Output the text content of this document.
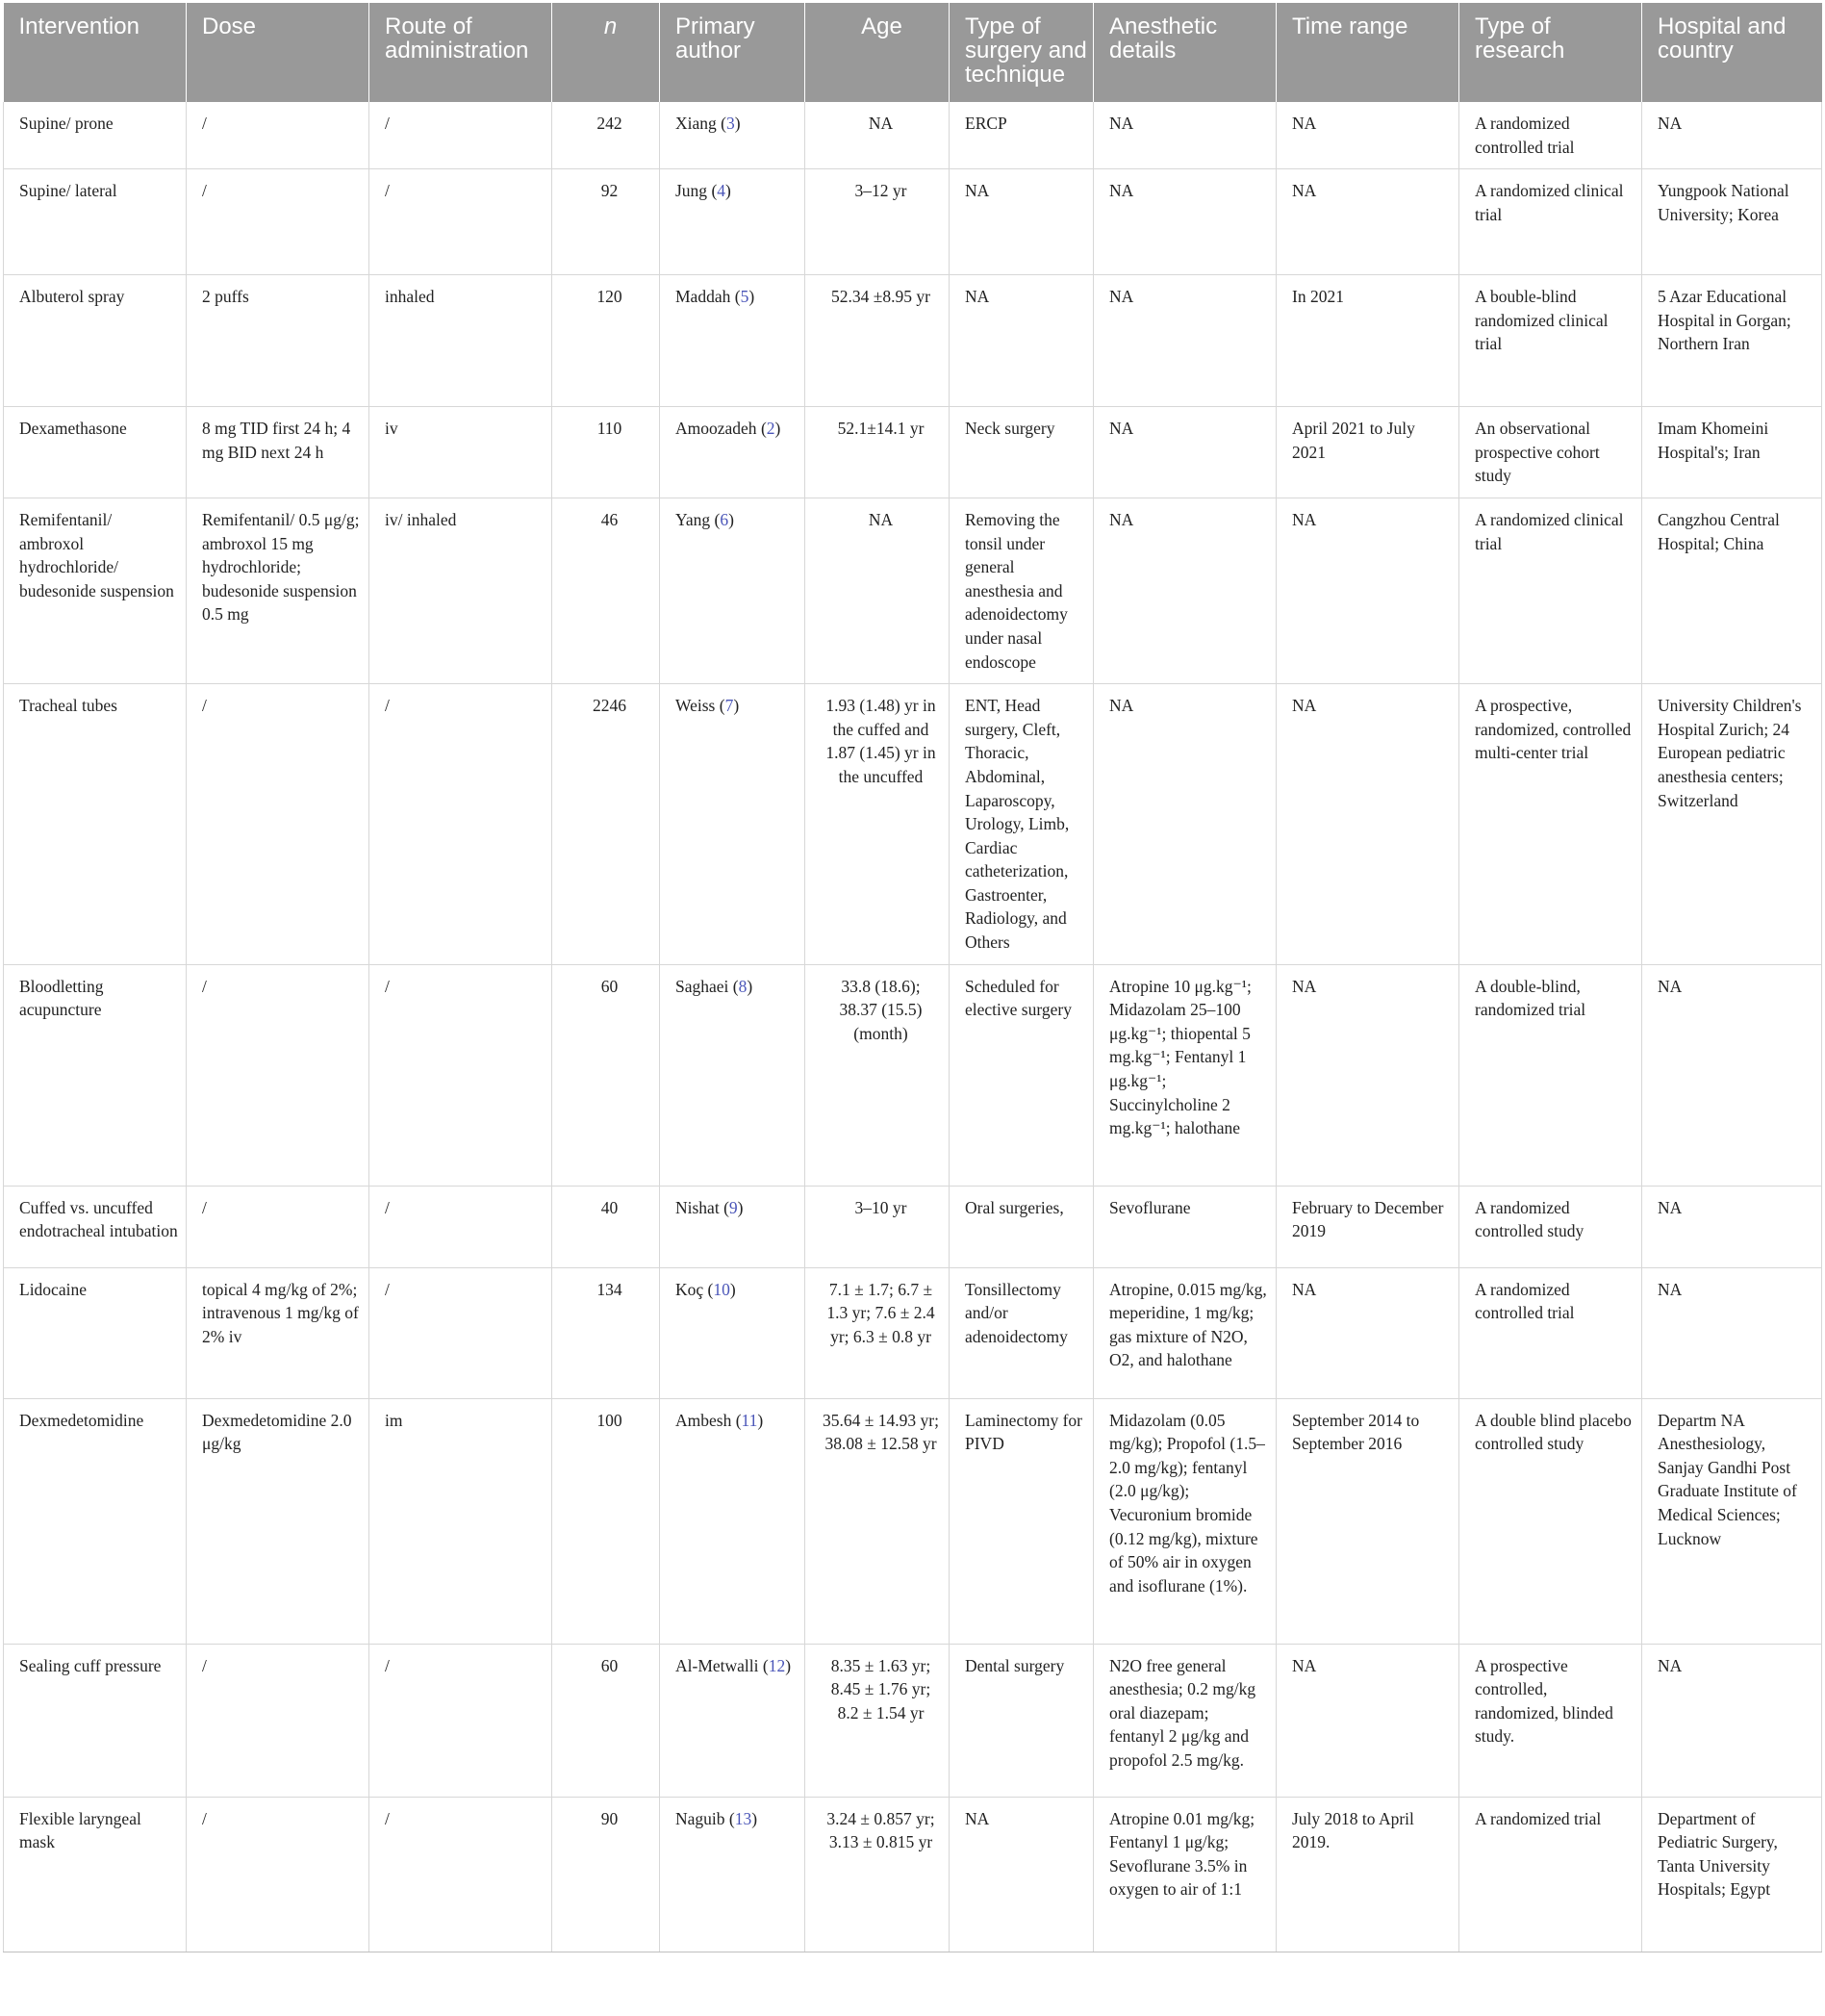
Intervention	Dose	Route of administration	n	Primary author	Age	Type of surgery and technique	Anesthetic details	Time range	Type of research	Hospital and country
Supine/ prone	/	/	242	Xiang (3)	NA	ERCP	NA	NA	A randomized controlled trial	NA
Supine/ lateral	/	/	92	Jung (4)	3–12 yr	NA	NA	NA	A randomized clinical trial	Yungpook National University; Korea
Albuterol spray	2 puffs	inhaled	120	Maddah (5)	52.34 ±8.95 yr	NA	NA	In 2021	A bouble-blind randomized clinical trial	5 Azar Educational Hospital in Gorgan; Northern Iran
Dexamethasone	8 mg TID first 24 h; 4 mg BID next 24 h	iv	110	Amoozadeh (2)	52.1±14.1 yr	Neck surgery	NA	April 2021 to July 2021	An observational prospective cohort study	Imam Khomeini Hospital's; Iran
Remifentanil/ ambroxol hydrochloride/ budesonide suspension	Remifentanil/ 0.5 μg/g; ambroxol 15 mg hydrochloride; budesonide suspension 0.5 mg	iv/ inhaled	46	Yang (6)	NA	Removing the tonsil under general anesthesia and adenoidectomy under nasal endoscope	NA	NA	A randomized clinical trial	Cangzhou Central Hospital; China
Tracheal tubes	/	/	2246	Weiss (7)	1.93 (1.48) yr in the cuffed and 1.87 (1.45) yr in the uncuffed	ENT, Head surgery, Cleft, Thoracic, Abdominal, Laparoscopy, Urology, Limb, Cardiac catheterization, Gastroenter, Radiology, and Others	NA	NA	A prospective, randomized, controlled multi-center trial	University Children's Hospital Zurich; 24 European pediatric anesthesia centers; Switzerland
Bloodletting acupuncture	/	/	60	Saghaei (8)	33.8 (18.6); 38.37 (15.5) (month)	Scheduled for elective surgery	Atropine 10 μg.kg⁻¹; Midazolam 25–100 μg.kg⁻¹; thiopental 5 mg.kg⁻¹; Fentanyl 1 μg.kg⁻¹; Succinylcholine 2 mg.kg⁻¹; halothane	NA	A double-blind, randomized trial	NA
Cuffed vs. uncuffed endotracheal intubation	/	/	40	Nishat (9)	3–10 yr	Oral surgeries,	Sevoflurane	February to December 2019	A randomized controlled study	NA
Lidocaine	topical 4 mg/kg of 2%; intravenous 1 mg/kg of 2% iv	/	134	Koç (10)	7.1 ± 1.7; 6.7 ± 1.3 yr; 7.6 ± 2.4 yr; 6.3 ± 0.8 yr	Tonsillectomy and/or adenoidectomy	Atropine, 0.015 mg/kg, meperidine, 1 mg/kg; gas mixture of N2O, O2, and halothane	NA	A randomized controlled trial	NA
Dexmedetomidine	Dexmedetomidine 2.0 μg/kg	im	100	Ambesh (11)	35.64 ± 14.93 yr; 38.08 ± 12.58 yr	Laminectomy for PIVD	Midazolam (0.05 mg/kg); Propofol (1.5–2.0 mg/kg); fentanyl (2.0 μg/kg); Vecuronium bromide (0.12 mg/kg), mixture of 50% air in oxygen and isoflurane (1%).	September 2014 to September 2016	A double blind placebo controlled study	Departm NA Anesthesiology, Sanjay Gandhi Post Graduate Institute of Medical Sciences; Lucknow
Sealing cuff pressure	/	/	60	Al-Metwalli (12)	8.35 ± 1.63 yr; 8.45 ± 1.76 yr; 8.2 ± 1.54 yr	Dental surgery	N2O free general anesthesia; 0.2 mg/kg oral diazepam; fentanyl 2 μg/kg and propofol 2.5 mg/kg.	NA	A prospective controlled, randomized, blinded study.	NA
Flexible laryngeal mask	/	/	90	Naguib (13)	3.24 ± 0.857 yr; 3.13 ± 0.815 yr	NA	Atropine 0.01 mg/kg; Fentanyl 1 μg/kg; Sevoflurane 3.5% in oxygen to air of 1:1	July 2018 to April 2019.	A randomized trial	Department of Pediatric Surgery, Tanta University Hospitals; Egypt
